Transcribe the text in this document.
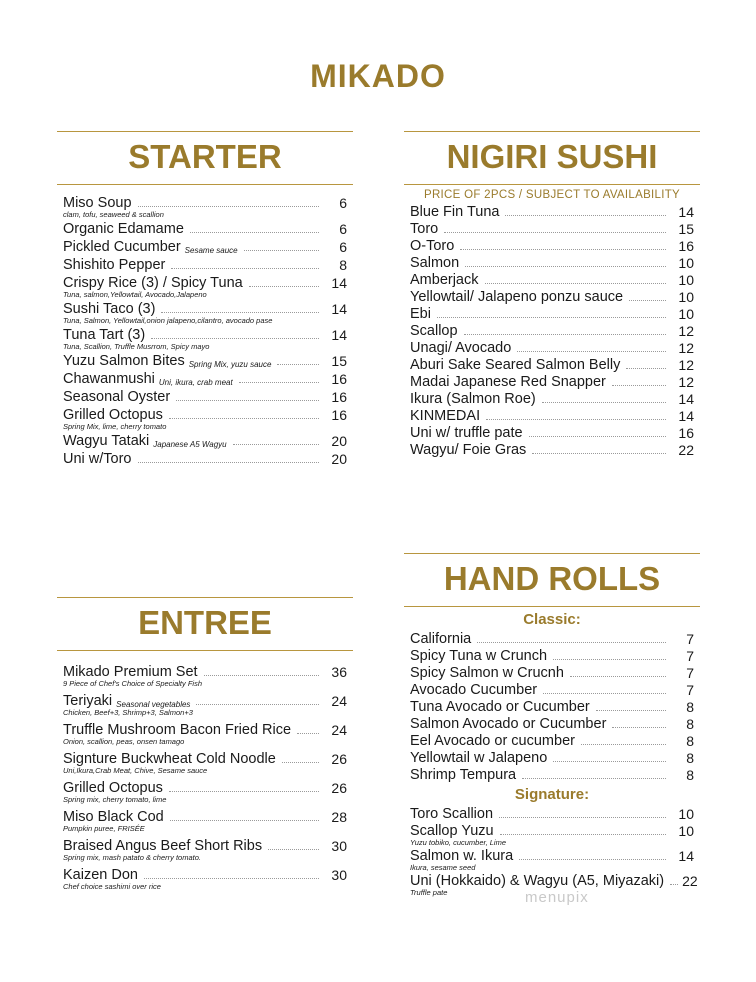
MIKADO
STARTER
Miso Soup	6
clam, tofu, seaweed & scallion
Organic Edamame	6
Pickled Cucumber Sesame sauce	6
Shishito Pepper	8
Crispy Rice (3) / Spicy Tuna	14
Tuna, salmon,Yellowtail, Avocado,Jalapeno
Sushi Taco (3)	14
Tuna, Salmon, Yellowtail,onion jalapeno,cilantro, avocado pase
Tuna Tart (3)	14
Tuna, Scallion, Truffle Musrrom, Spicy mayo
Yuzu Salmon Bites Spring Mix, yuzu sauce	15
Chawanmushi Uni, ikura, crab meat	16
Seasonal Oyster	16
Grilled Octopus	16
Spring Mix, lime, cherry tomato
Wagyu Tataki Japanese A5 Wagyu	20
Uni w/Toro	20
NIGIRI SUSHI
PRICE OF 2PCS / SUBJECT TO AVAILABILITY
Blue Fin Tuna	14
Toro	15
O-Toro	16
Salmon	10
Amberjack	10
Yellowtail/ Jalapeno ponzu sauce	10
Ebi	10
Scallop	12
Unagi/ Avocado	12
Aburi Sake Seared Salmon Belly	12
Madai Japanese Red Snapper	12
Ikura (Salmon Roe)	14
KINMEDAI	14
Uni w/ truffle pate	16
Wagyu/ Foie Gras	22
ENTREE
Mikado Premium Set	36
9 Piece of Chef's Choice of Specialty Fish
Teriyaki Seasonal vegetables	24
Chicken, Beef+3, Shrimp+3, Salmon+3
Truffle Mushroom Bacon Fried Rice	24
Onion, scallion, peas, onsen tamago
Signture Buckwheat Cold Noodle	26
Uni,Ikura,Crab Meat, Chive, Sesame sauce
Grilled Octopus	26
Spring mix, cherry tomato, lime
Miso Black Cod	28
Pumpkin puree, FRISÉE
Braised Angus Beef Short Ribs	30
Spring mix, mash patato & cherry tomato.
Kaizen Don	30
Chef choice sashimi over rice
HAND ROLLS
Classic:
California	7
Spicy Tuna w Crunch	7
Spicy Salmon w Crucnh	7
Avocado Cucumber	7
Tuna Avocado or Cucumber	8
Salmon Avocado or Cucumber	8
Eel Avocado or cucumber	8
Yellowtail w Jalapeno	8
Shrimp Tempura	8
Signature:
Toro Scallion	10
Scallop Yuzu	10
Yuzu tobiko, cucumber, Lime
Salmon w. Ikura	14
Ikura, sesame seed
Uni (Hokkaido) & Wagyu (A5, Miyazaki) 22
Truffle pate	menupix
